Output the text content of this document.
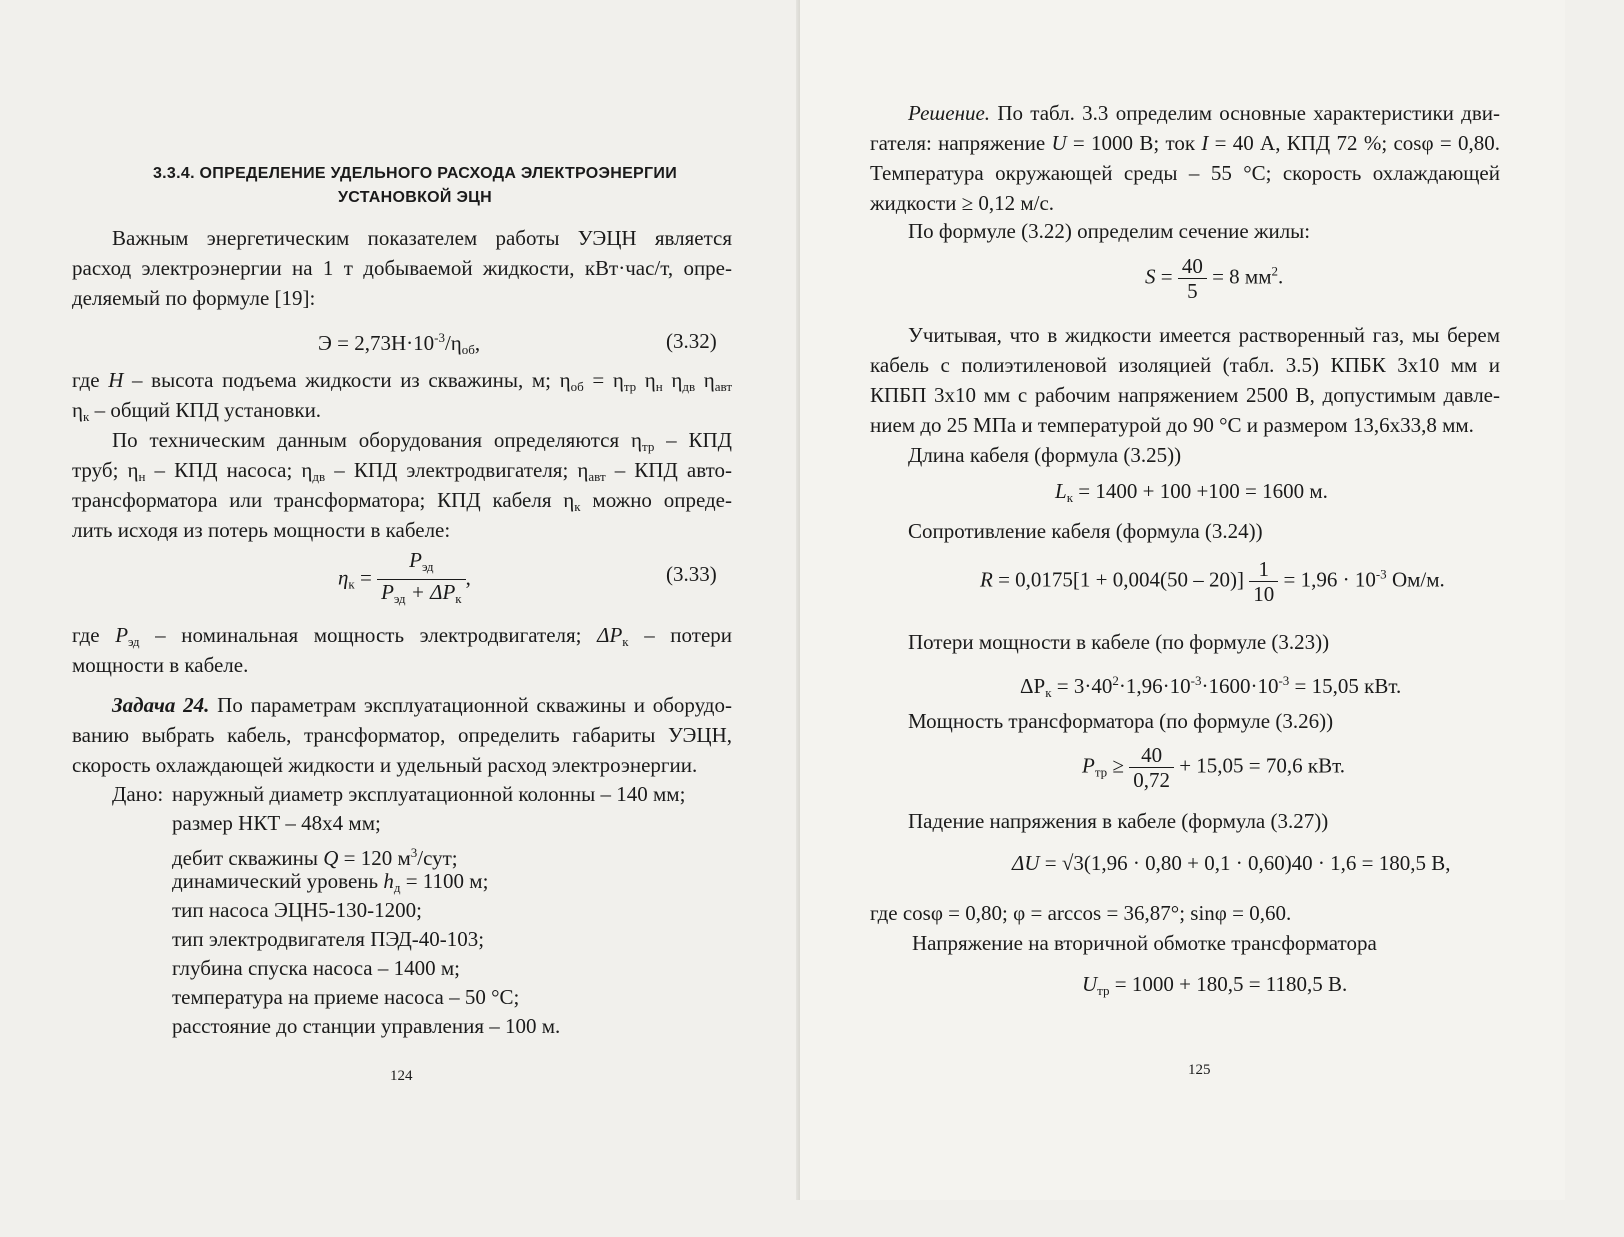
3.3.4. ОПРЕДЕЛЕНИЕ УДЕЛЬНОГО РАСХОДА ЭЛЕКТРОЭНЕРГИИ
УСТАНОВКОЙ ЭЦН
Важным энергетическим показателем работы УЭЦН является
расход электроэнергии на 1 т добываемой жидкости, кВт·час/т, опре-
деляемый по формуле [19]:
$Э = 2,73Н\cdot 10^{-3}/\eta_{об}$,	(3.32)
где H – высота подъема жидкости из скважины, м; $\eta_{об} = \eta_{тр}$ $\eta_н$ $\eta_{дв}$ $\eta_{авт}$
$\eta_к$ – общий КПД установки.
По техническим данным оборудования определяются $\eta_{тр}$ – КПД
труб; $\eta_н$ – КПД насоса; $\eta_{дв}$ – КПД электродвигателя; $\eta_{авт}$ – КПД авто-
трансформатора или трансформатора; КПД кабеля $\eta_к$ можно опреде-
лить исходя из потерь мощности в кабеле:
$\eta_к = \frac{P_{эд}}{P_{эд} + \Delta P_к}$ ,	(3.33)
где $P_{эд}$ – номинальная мощность электродвигателя; $\Delta P_к$ – потери
мощности в кабеле.
Задача 24. По параметрам эксплуатационной скважины и оборудо-
ванию выбрать кабель, трансформатор, определить габариты УЭЦН,
скорость охлаждающей жидкости и удельный расход электроэнергии.
Дано: наружный диаметр эксплуатационной колонны – 140 мм;
размер НКТ – 48х4 мм;
дебит скважины Q = 120 $м^3$/сут;
динамический уровень $h_д = 1100$ м;
тип насоса ЭЦН5-130-1200;
тип электродвигателя ПЭД-40-103;
глубина спуска насоса – 1400 м;
температура на приеме насоса – 50 °С;
расстояние до станции управления – 100 м.
124
Решение. По табл. 3.3 определим основные характеристики дви-
гателя: напряжение U = 1000 В; ток I = 40 А, КПД 72 %; cosφ = 0,80.
Температура окружающей среды – 55 °С; скорость охлаждающей
жидкости ≥ 0,12 м/с.
По формуле (3.22) определим сечение жилы:
$S = \frac{40}{5} = 8$ $мм^2$.
Учитывая, что в жидкости имеется растворенный газ, мы берем
кабель с полиэтиленовой изоляцией (табл. 3.5) КПБК 3х10 мм и
КПБП 3х10 мм с рабочим напряжением 2500 В, допустимым давле-
нием до 25 МПа и температурой до 90 °С и размером 13,6х33,8 мм.
Длина кабеля (формула (3.25))
$L_к = 1400 + 100 +100 = 1600$ м.
Сопротивление кабеля (формула (3.24))
$R = 0,0175[1 + 0,004(50 - 20)] \frac{1}{10} = 1,96 \cdot 10^{-3}$ Ом/м.
Потери мощности в кабеле (по формуле (3.23))
$\Delta P_к = 3\cdot 40^2\cdot 1,96\cdot 10^{-3}\cdot 1600\cdot 10^{-3} = 15,05$ кВт.
Мощность трансформатора (по формуле (3.26))
$P_{тр} \ge \frac{40}{0,72} + 15,05 = 70,6$ кВт.
Падение напряжения в кабеле (формула (3.27))
ΔU = √3(1,96 · 0,80 + 0,1 · 0,60)40 · 1,6 = 180,5 В,
где cosφ = 0,80; φ = arccos = 36,87°; sinφ = 0,60.
Напряжение на вторичной обмотке трансформатора
$U_{тр} = 1000 + 180,5 = 1180,5$ В.
125
